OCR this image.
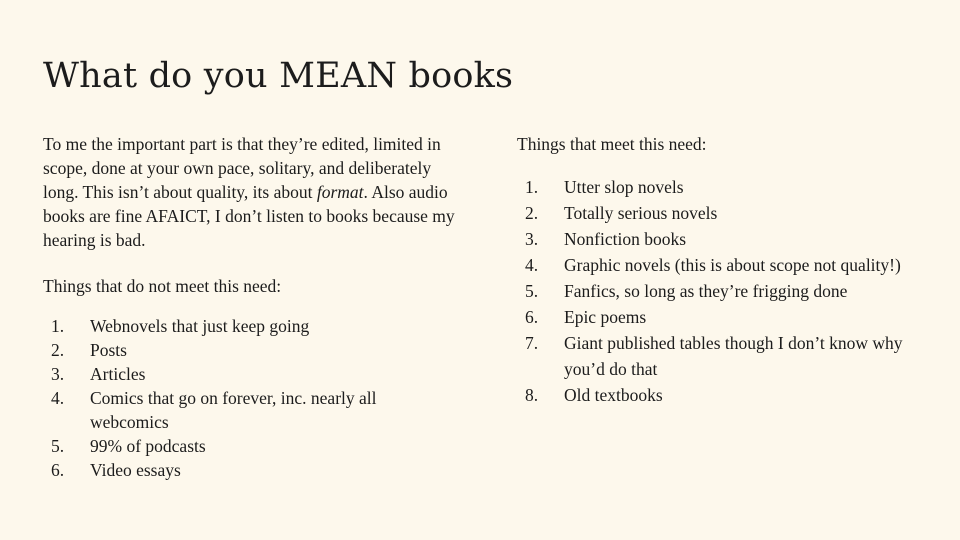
What do you MEAN books

To me the important part is that they’re edited, limited in scope, done at your own pace, solitary, and deliberately long. This isn’t about quality, its about format. Also audio books are fine AFAICT, I don’t listen to books because my hearing is bad.

Things that do not meet this need:

1.	Webnovels that just keep going
2.	Posts
3.	Articles
4.	Comics that go on forever, inc. nearly all webcomics
5.	99% of podcasts
6.	Video essays

Things that meet this need:

1.	Utter slop novels
2.	Totally serious novels
3.	Nonfiction books
4.	Graphic novels (this is about scope not quality!)
5.	Fanfics, so long as they’re frigging done
6.	Epic poems
7.	Giant published tables though I don’t know why you’d do that
8.	Old textbooks
